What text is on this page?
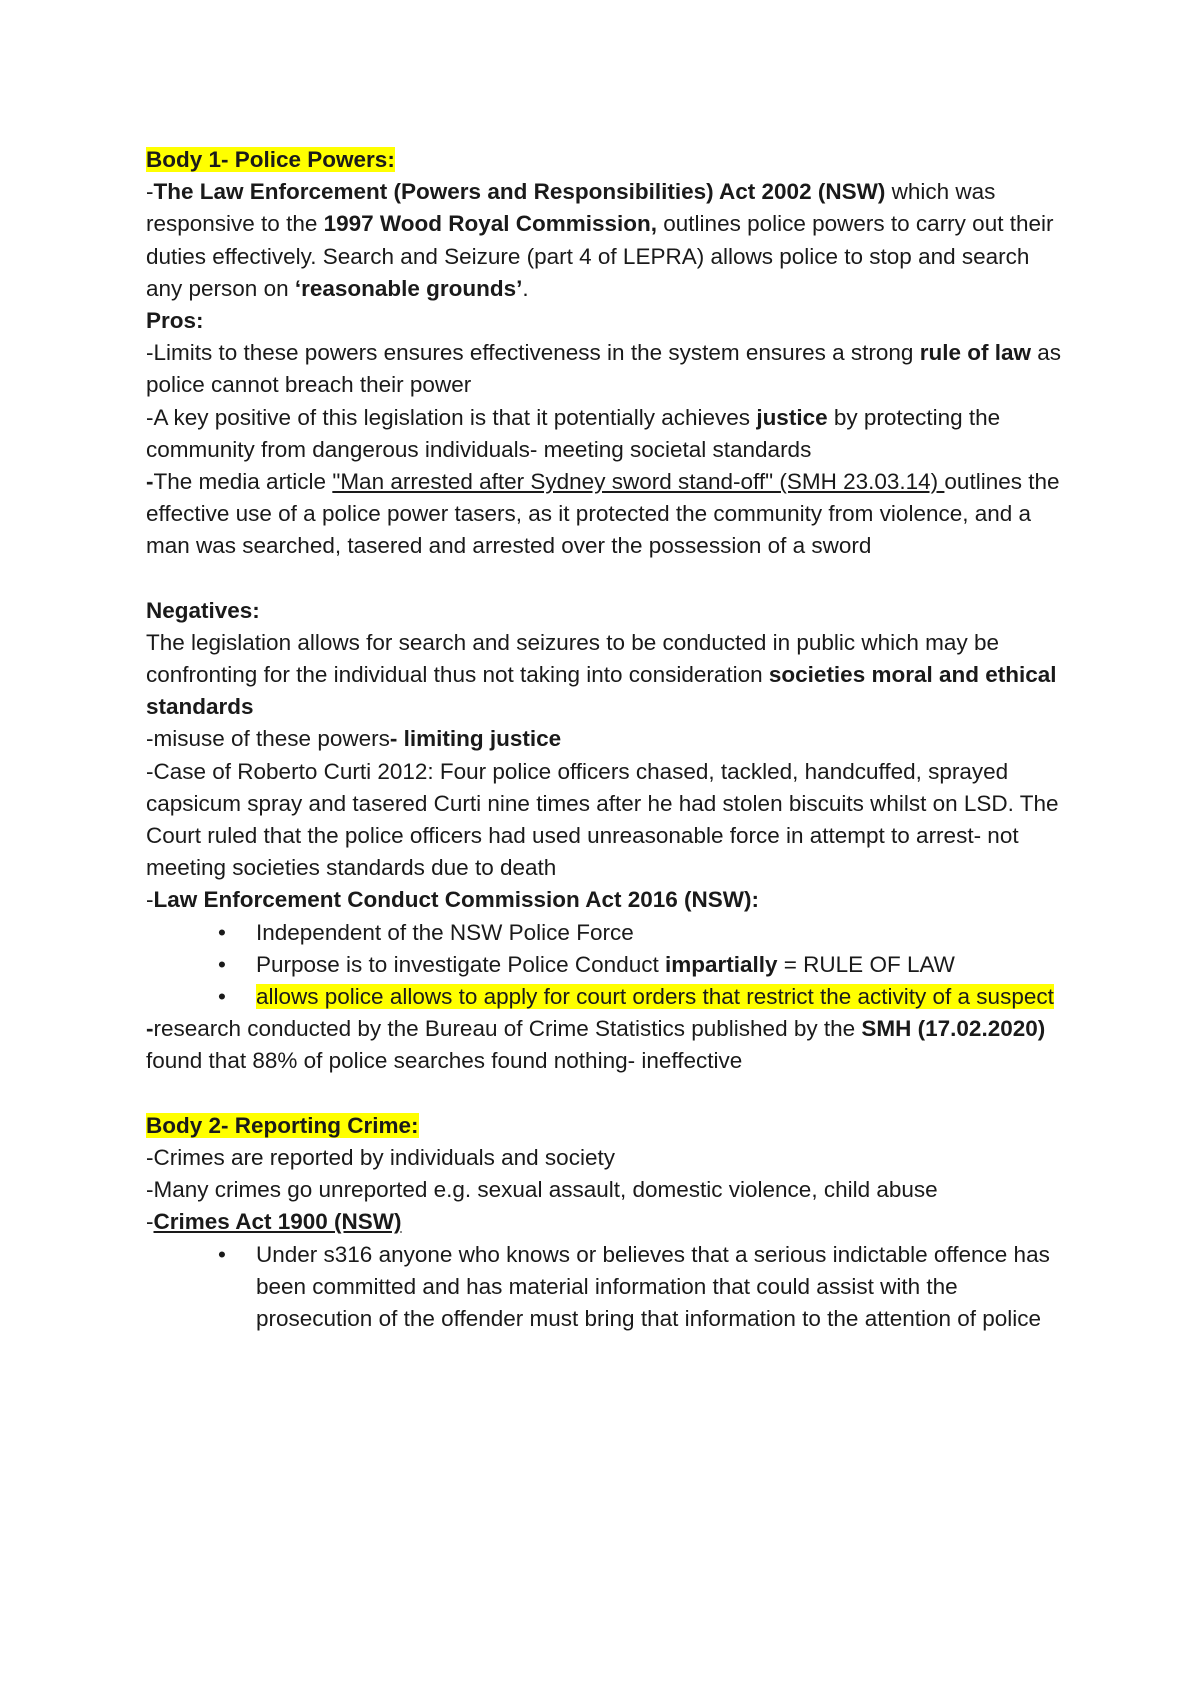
Body 1- Police Powers:

-The Law Enforcement (Powers and Responsibilities) Act 2002 (NSW) which was responsive to the 1997 Wood Royal Commission, outlines police powers to carry out their duties effectively. Search and Seizure (part 4 of LEPRA) allows police to stop and search any person on ‘reasonable grounds’.

Pros:

-Limits to these powers ensures effectiveness in the system ensures a strong rule of law as police cannot breach their power

-A key positive of this legislation is that it potentially achieves justice by protecting the community from dangerous individuals- meeting societal standards

-The media article "Man arrested after Sydney sword stand-off" (SMH 23.03.14) outlines the effective use of a police power tasers, as it protected the community from violence, and a man was searched, tasered and arrested over the possession of a sword

Negatives:

The legislation allows for search and seizures to be conducted in public which may be confronting for the individual thus not taking into consideration societies moral and ethical standards

-misuse of these powers- limiting justice

-Case of Roberto Curti 2012: Four police officers chased, tackled, handcuffed, sprayed capsicum spray and tasered Curti nine times after he had stolen biscuits whilst on LSD. The Court ruled that the police officers had used unreasonable force in attempt to arrest- not meeting societies standards due to death

-Law Enforcement Conduct Commission Act 2016 (NSW):

• Independent of the NSW Police Force
• Purpose is to investigate Police Conduct impartially = RULE OF LAW
• allows police allows to apply for court orders that restrict the activity of a suspect

-research conducted by the Bureau of Crime Statistics published by the SMH (17.02.2020) found that 88% of police searches found nothing- ineffective

Body 2- Reporting Crime:

-Crimes are reported by individuals and society

-Many crimes go unreported e.g. sexual assault, domestic violence, child abuse

-Crimes Act 1900 (NSW)

• Under s316 anyone who knows or believes that a serious indictable offence has been committed and has material information that could assist with the prosecution of the offender must bring that information to the attention of police
